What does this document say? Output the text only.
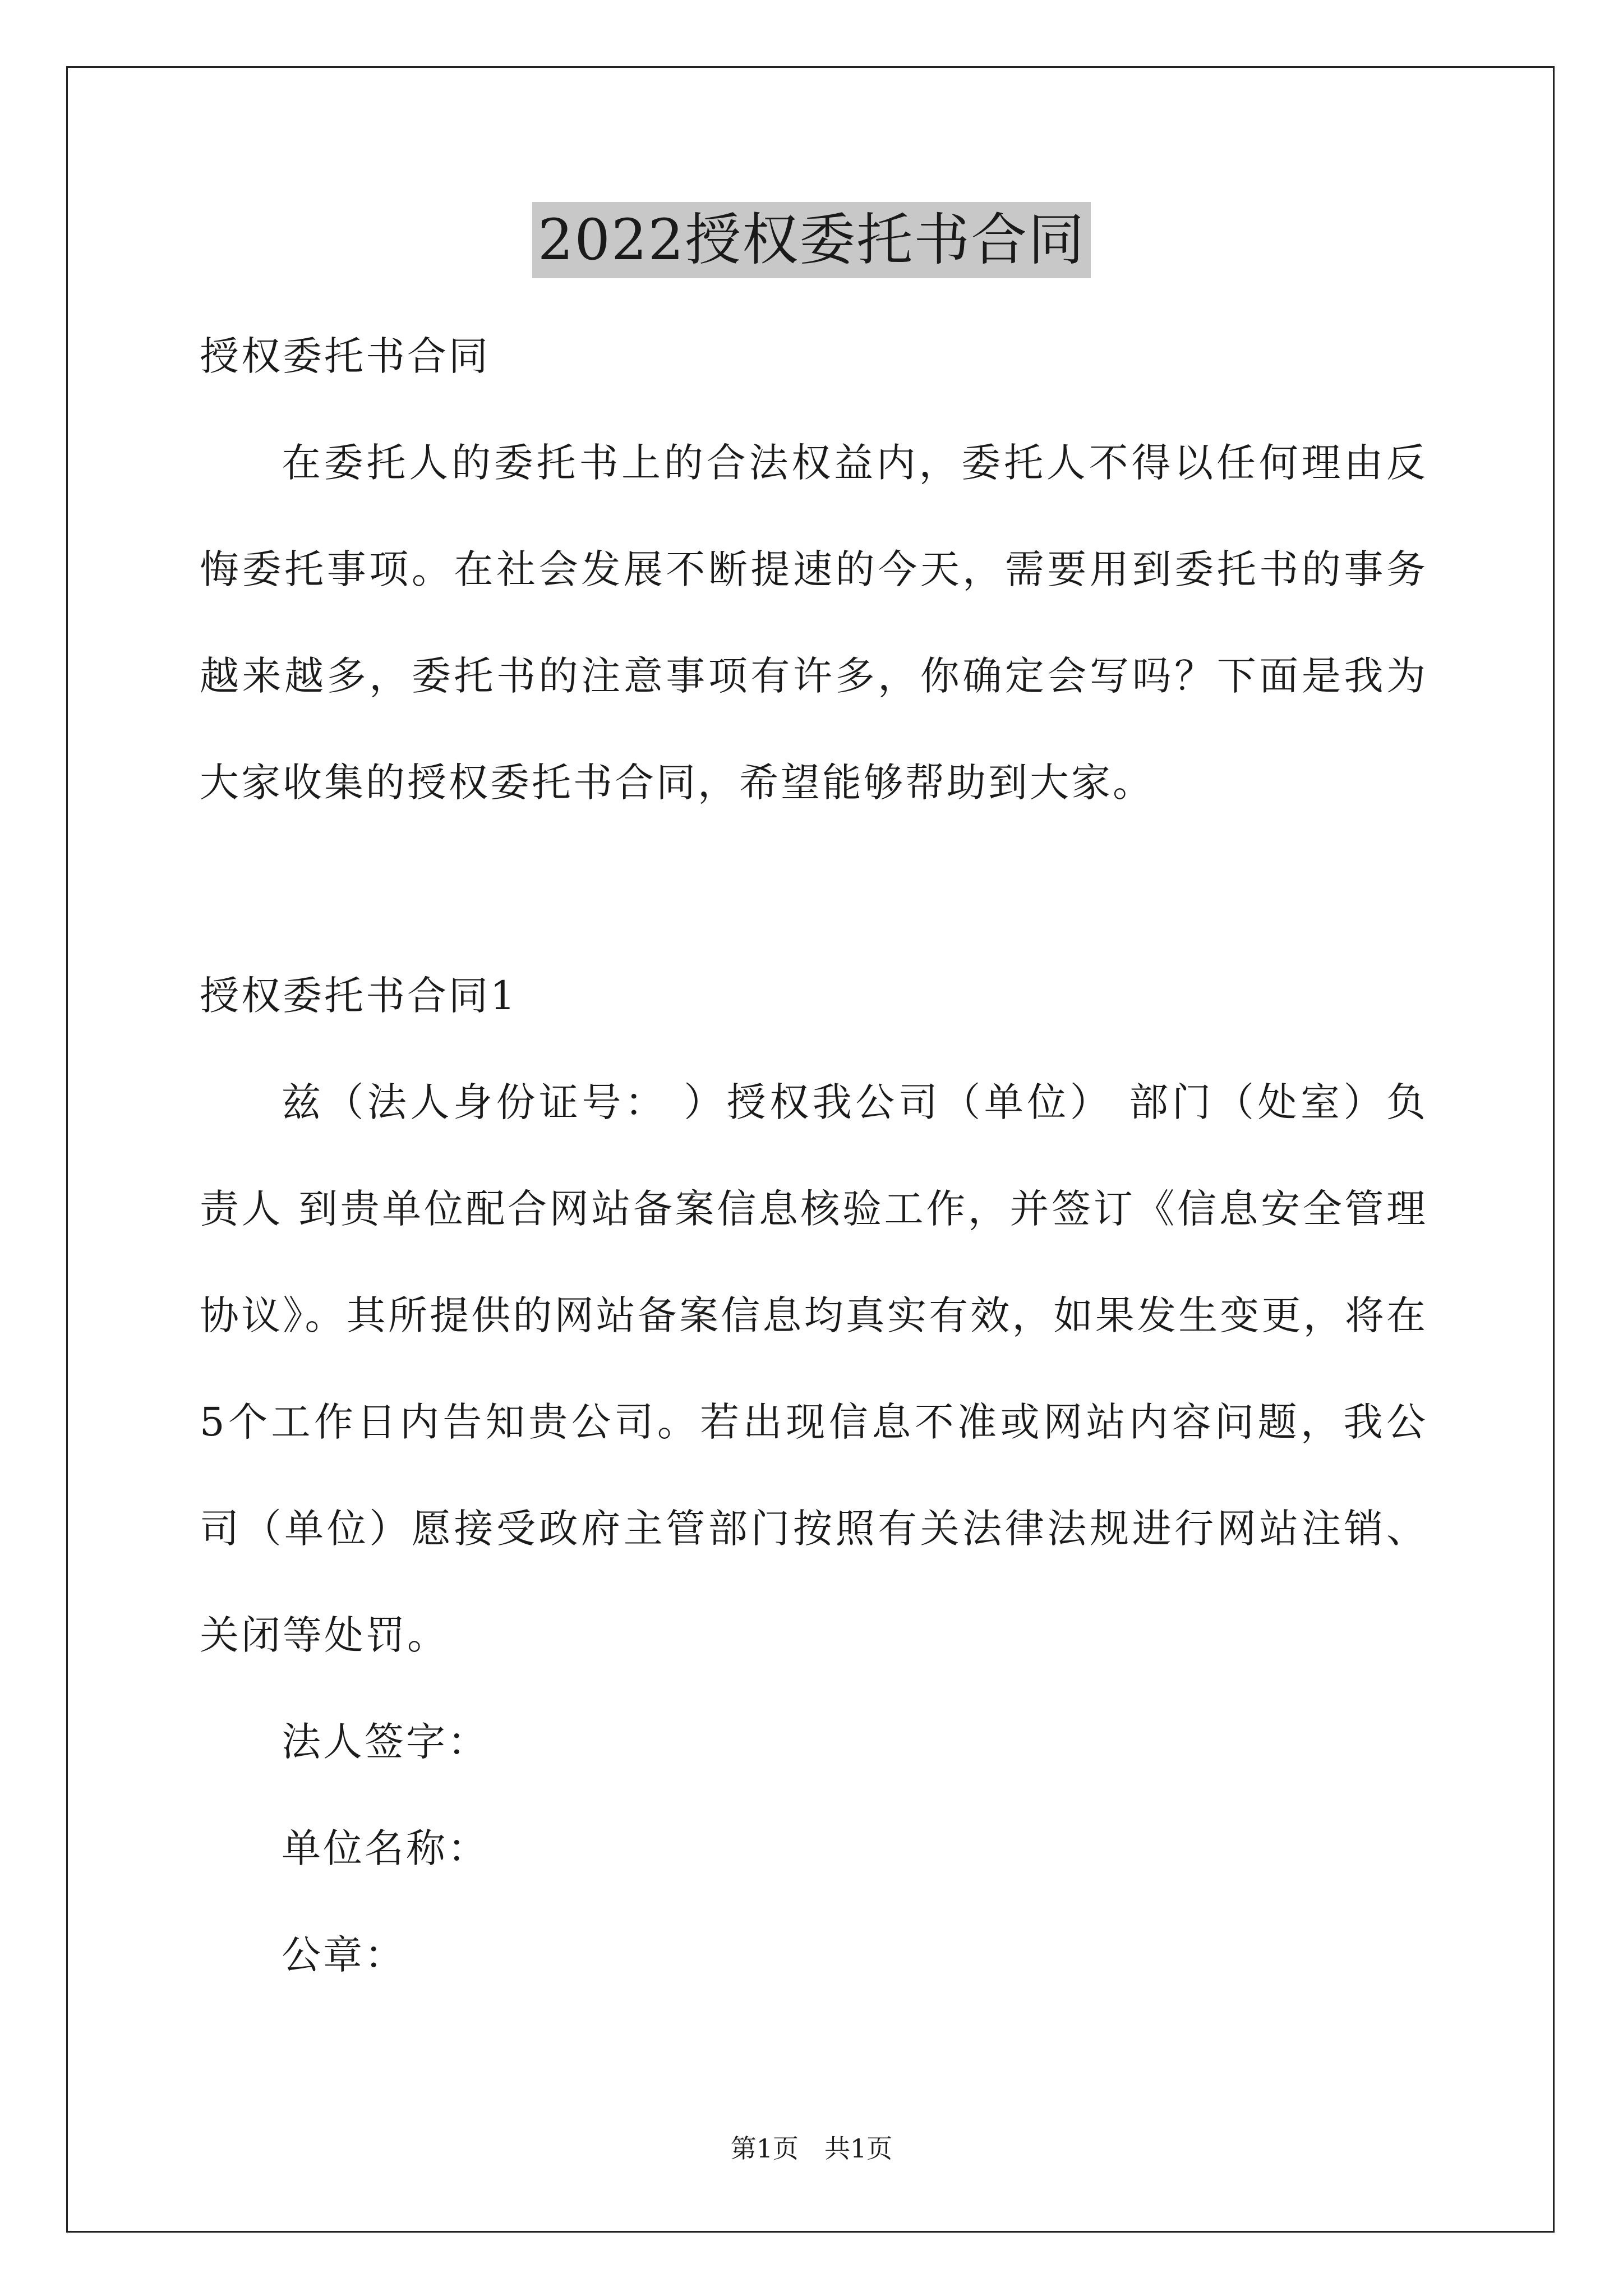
2022授权委托书合同

授权委托书合同

在委托人的委托书上的合法权益内，委托人不得以任何理由反悔委托事项。在社会发展不断提速的今天，需要用到委托书的事务越来越多，委托书的注意事项有许多，你确定会写吗？下面是我为大家收集的授权委托书合同，希望能够帮助到大家。

授权委托书合同1

兹（法人身份证号： ）授权我公司（单位） 部门（处室）负责人 到贵单位配合网站备案信息核验工作，并签订《信息安全管理协议》。其所提供的网站备案信息均真实有效，如果发生变更，将在5个工作日内告知贵公司。若出现信息不准或网站内容问题，我公司（单位）愿接受政府主管部门按照有关法律法规进行网站注销、关闭等处罚。

法人签字：

单位名称：

公章：

第1页　共1页
